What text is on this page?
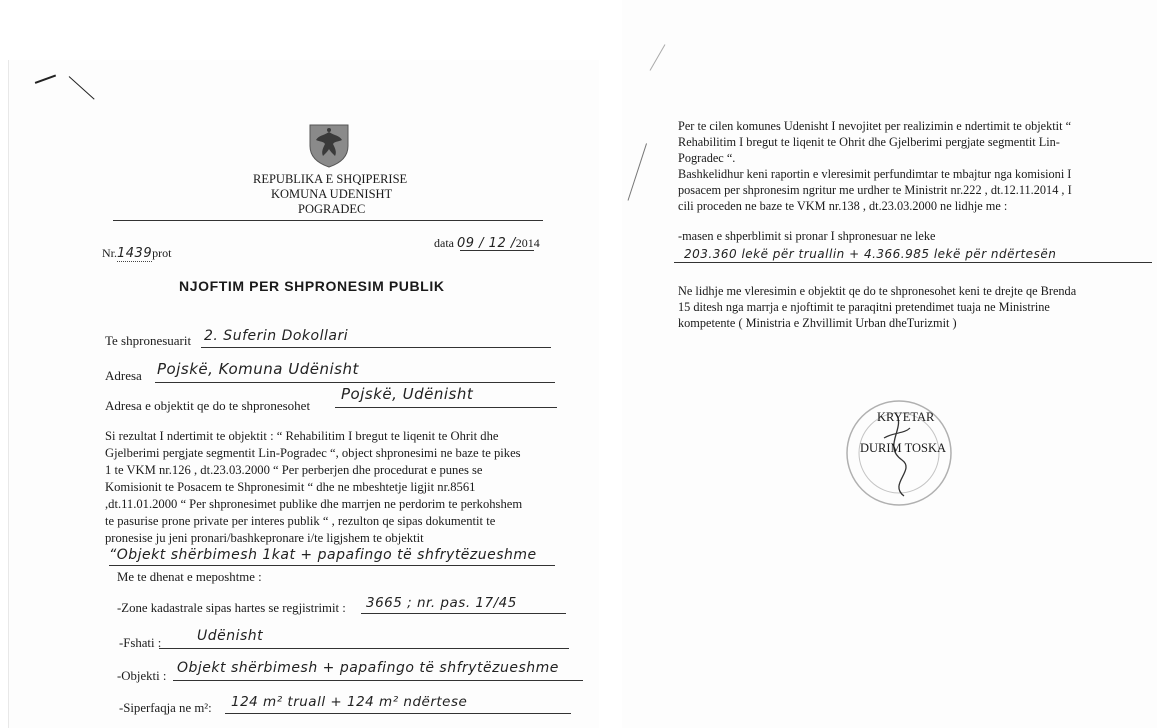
REPUBLIKA E SHQIPERISE
KOMUNA UDENISHT
POGRADEC
Nr.1439prot
data 09 / 12 /2014
NJOFTIM PER SHPRONESIM PUBLIK
Te shpronesuarit 2. Suferin Dokollari
Adresa Pojskë, Komuna Udënisht
Adresa e objektit qe do te shpronesohet
Pojskë, Udënisht
Si rezultat I ndertimit te objektit : “ Rehabilitim I bregut te liqenit te Ohrit dhe
Gjelberimi pergjate segmentit Lin-Pogradec “, object shpronesimi ne baze te pikes
1 te VKM nr.126 , dt.23.03.2000 “ Per perberjen dhe procedurat e punes se
Komisionit te Posacem te Shpronesimit “ dhe ne mbeshtetje ligjit nr.8561
,dt.11.01.2000 “ Per shpronesimet publike dhe marrjen ne perdorim te perkohshem
te pasurise prone private per interes publik “ , rezulton qe sipas dokumentit te
pronesise ju jeni pronari/bashkepronare i/te ligjshem te objektit
“Objekt shërbimesh 1kat + papafingo të shfrytëzueshme
Me te dhenat e meposhtme :
-Zone kadastrale sipas hartes se regjistrimit : 3665 ; nr. pas. 17/45
-Fshati :	Udënisht
-Objekti : Objekt shërbimesh + papafingo të shfrytëzueshme
-Siperfaqja ne m²: 124 m² truall + 124 m² ndërtese
Per te cilen komunes Udenisht I nevojitet per realizimin e ndertimit te objektit “
Rehabilitim I bregut te liqenit te Ohrit dhe Gjelberimi pergjate segmentit Lin-
Pogradec “.
Bashkelidhur keni raportin e vleresimit perfundimtar te mbajtur nga komisioni I
posacem per shpronesim ngritur me urdher te Ministrit nr.222 , dt.12.11.2014 , I
cili proceden ne baze te VKM nr.138 , dt.23.03.2000 ne lidhje me :
-masen e shperblimit si pronar I shpronesuar ne leke
203.360 lekë për truallin + 4.366.985 lekë për ndërtesën
Ne lidhje me vleresimin e objektit qe do te shpronesohet keni te drejte qe Brenda
15 ditesh nga marrja e njoftimit te paraqitni pretendimet tuaja ne Ministrine
kompetente ( Ministria e Zhvillimit Urban dheTurizmit )
KRYETAR
DURIM TOSKA
